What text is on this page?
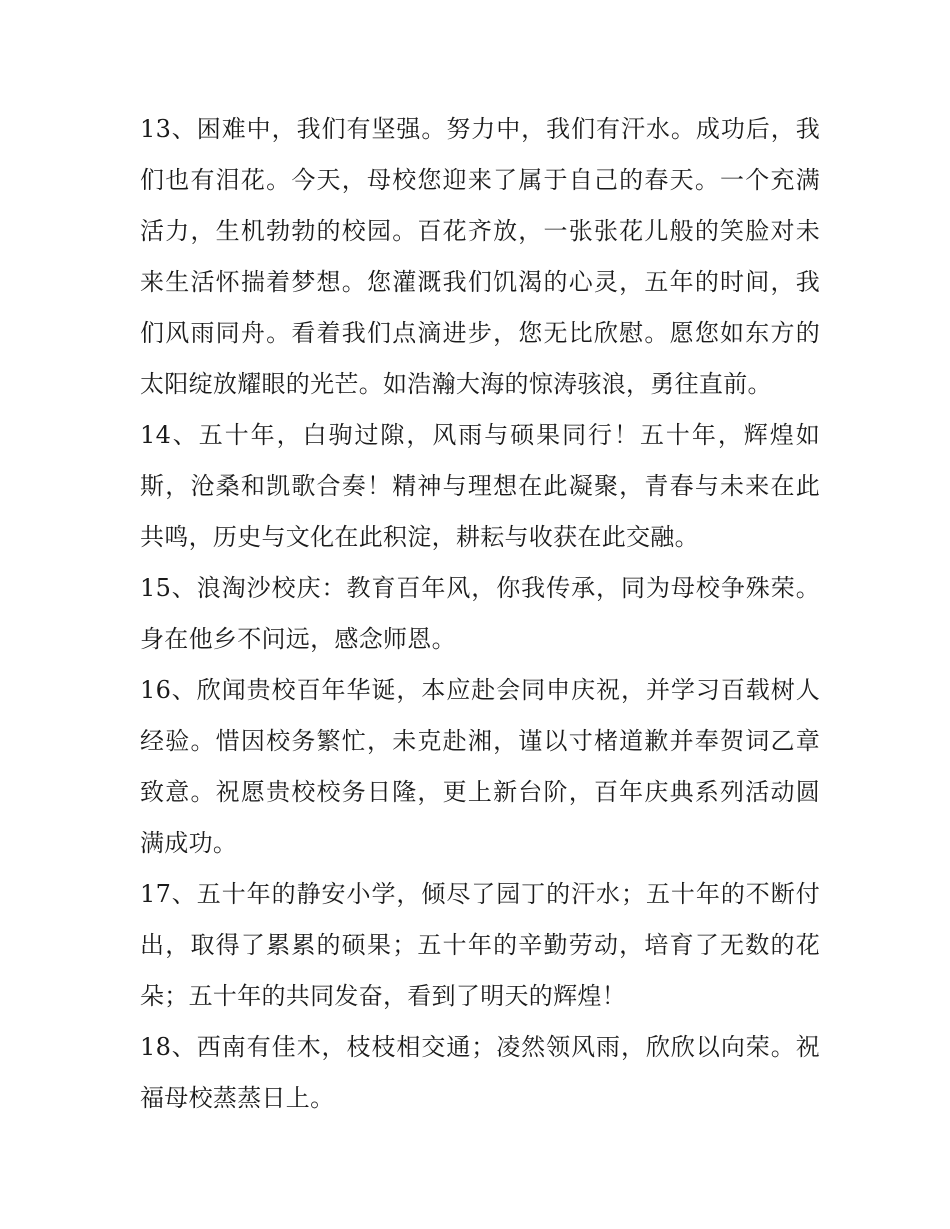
13、困难中，我们有坚强。努力中，我们有汗水。成功后，我们也有泪花。今天，母校您迎来了属于自己的春天。一个充满活力，生机勃勃的校园。百花齐放，一张张花儿般的笑脸对未来生活怀揣着梦想。您灌溉我们饥渴的心灵，五年的时间，我们风雨同舟。看着我们点滴进步，您无比欣慰。愿您如东方的太阳绽放耀眼的光芒。如浩瀚大海的惊涛骇浪，勇往直前。

14、五十年，白驹过隙，风雨与硕果同行！五十年，辉煌如斯，沧桑和凯歌合奏！精神与理想在此凝聚，青春与未来在此共鸣，历史与文化在此积淀，耕耘与收获在此交融。

15、浪淘沙校庆：教育百年风，你我传承，同为母校争殊荣。身在他乡不问远，感念师恩。

16、欣闻贵校百年华诞，本应赴会同申庆祝，并学习百载树人经验。惜因校务繁忙，未克赴湘，谨以寸楮道歉并奉贺词乙章致意。祝愿贵校校务日隆，更上新台阶，百年庆典系列活动圆满成功。

17、五十年的静安小学，倾尽了园丁的汗水；五十年的不断付出，取得了累累的硕果；五十年的辛勤劳动，培育了无数的花朵；五十年的共同发奋，看到了明天的辉煌！

18、西南有佳木，枝枝相交通；凌然领风雨，欣欣以向荣。祝福母校蒸蒸日上。
